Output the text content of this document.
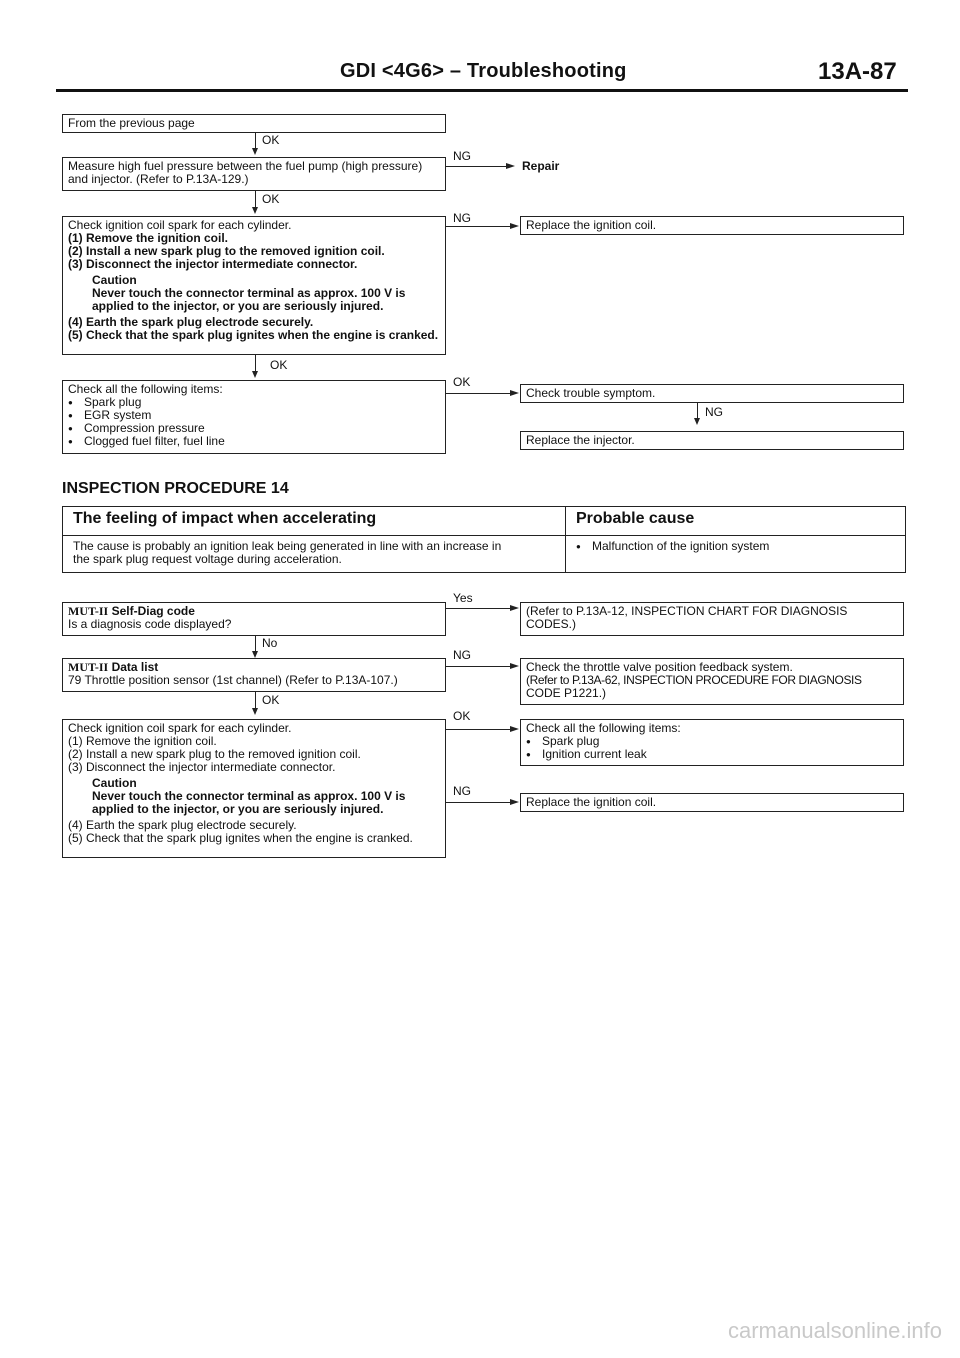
GDI <4G6> – Troubleshooting	13A-87
From the previous page
OK
Measure high fuel pressure between the fuel pump (high pressure)
and injector. (Refer to P.13A-129.)
NG
Repair
OK
Check ignition coil spark for each cylinder.
(1) Remove the ignition coil.
(2) Install a new spark plug to the removed ignition coil.
(3) Disconnect the injector intermediate connector.
Caution
Never touch the connector terminal as approx. 100 V is
applied to the injector, or you are seriously injured.
(4) Earth the spark plug electrode securely.
(5) Check that the spark plug ignites when the engine is cranked.
NG	Replace the ignition coil.
OK
Check all the following items:
● Spark plug
● EGR system
● Compression pressure
● Clogged fuel filter, fuel line
OK
Check trouble symptom.
NG
Replace the injector.
INSPECTION PROCEDURE 14
The feeling of impact when accelerating	Probable cause

The cause is probably an ignition leak being generated in line with an increase in
the spark plug request voltage during acceleration.	● Malfunction of the ignition system
Yes
MUT-II Self-Diag code
Is a diagnosis code displayed?
(Refer to P.13A-12, INSPECTION CHART FOR DIAGNOSIS
CODES.)
No
MUT-II Data list
79 Throttle position sensor (1st channel) (Refer to P.13A-107.)
NG
Check the throttle valve position feedback system.
(Refer to P.13A-62, INSPECTION PROCEDURE FOR DIAGNOSIS
CODE P1221.)
OK
Check ignition coil spark for each cylinder.
(1) Remove the ignition coil.
(2) Install a new spark plug to the removed ignition coil.
(3) Disconnect the injector intermediate connector.
Caution
Never touch the connector terminal as approx. 100 V is
applied to the injector, or you are seriously injured.
(4) Earth the spark plug electrode securely.
(5) Check that the spark plug ignites when the engine is cranked.
OK
Check all the following items:
● Spark plug
● Ignition current leak
NG
Replace the ignition coil.
carmanualsonline.info
